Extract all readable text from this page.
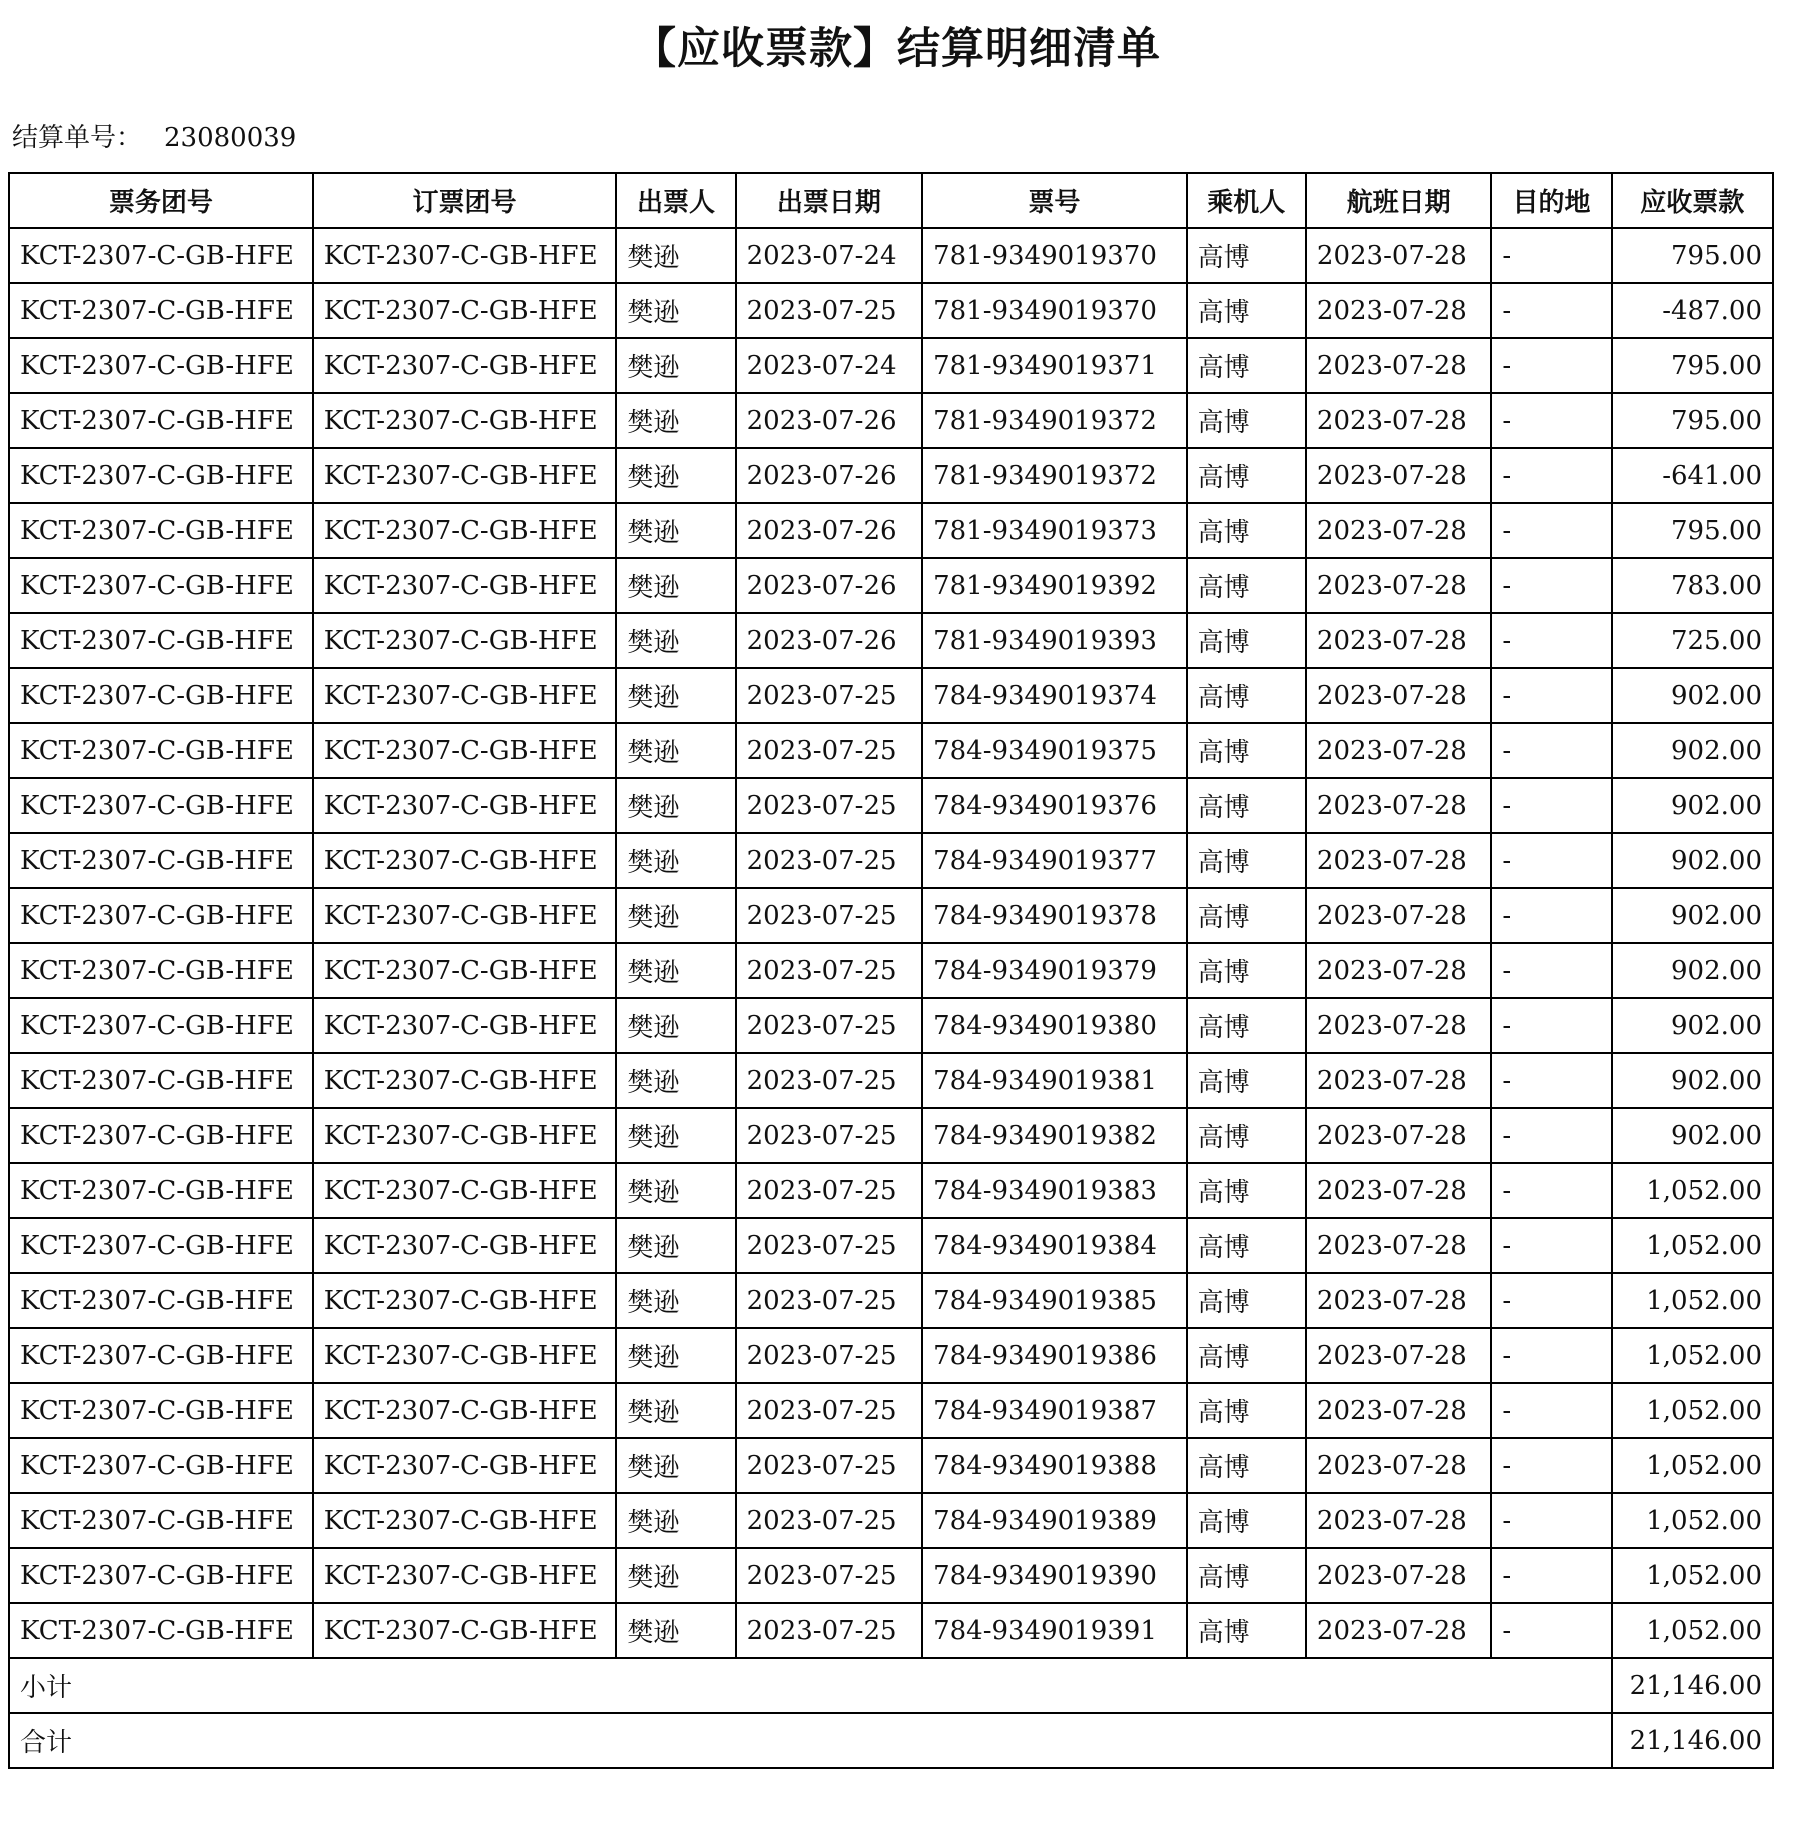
【应收票款】结算明细清单
结算单号： 23080039
票务团号	订票团号	出票人	出票日期	票号	乘机人	航班日期	目的地	应收票款
KCT-2307-C-GB-HFE	KCT-2307-C-GB-HFE	樊逊	2023-07-24	781-9349019370	高博	2023-07-28	-	795.00
KCT-2307-C-GB-HFE	KCT-2307-C-GB-HFE	樊逊	2023-07-25	781-9349019370	高博	2023-07-28	-	-487.00
KCT-2307-C-GB-HFE	KCT-2307-C-GB-HFE	樊逊	2023-07-24	781-9349019371	高博	2023-07-28	-	795.00
KCT-2307-C-GB-HFE	KCT-2307-C-GB-HFE	樊逊	2023-07-26	781-9349019372	高博	2023-07-28	-	795.00
KCT-2307-C-GB-HFE	KCT-2307-C-GB-HFE	樊逊	2023-07-26	781-9349019372	高博	2023-07-28	-	-641.00
KCT-2307-C-GB-HFE	KCT-2307-C-GB-HFE	樊逊	2023-07-26	781-9349019373	高博	2023-07-28	-	795.00
KCT-2307-C-GB-HFE	KCT-2307-C-GB-HFE	樊逊	2023-07-26	781-9349019392	高博	2023-07-28	-	783.00
KCT-2307-C-GB-HFE	KCT-2307-C-GB-HFE	樊逊	2023-07-26	781-9349019393	高博	2023-07-28	-	725.00
KCT-2307-C-GB-HFE	KCT-2307-C-GB-HFE	樊逊	2023-07-25	784-9349019374	高博	2023-07-28	-	902.00
KCT-2307-C-GB-HFE	KCT-2307-C-GB-HFE	樊逊	2023-07-25	784-9349019375	高博	2023-07-28	-	902.00
KCT-2307-C-GB-HFE	KCT-2307-C-GB-HFE	樊逊	2023-07-25	784-9349019376	高博	2023-07-28	-	902.00
KCT-2307-C-GB-HFE	KCT-2307-C-GB-HFE	樊逊	2023-07-25	784-9349019377	高博	2023-07-28	-	902.00
KCT-2307-C-GB-HFE	KCT-2307-C-GB-HFE	樊逊	2023-07-25	784-9349019378	高博	2023-07-28	-	902.00
KCT-2307-C-GB-HFE	KCT-2307-C-GB-HFE	樊逊	2023-07-25	784-9349019379	高博	2023-07-28	-	902.00
KCT-2307-C-GB-HFE	KCT-2307-C-GB-HFE	樊逊	2023-07-25	784-9349019380	高博	2023-07-28	-	902.00
KCT-2307-C-GB-HFE	KCT-2307-C-GB-HFE	樊逊	2023-07-25	784-9349019381	高博	2023-07-28	-	902.00
KCT-2307-C-GB-HFE	KCT-2307-C-GB-HFE	樊逊	2023-07-25	784-9349019382	高博	2023-07-28	-	902.00
KCT-2307-C-GB-HFE	KCT-2307-C-GB-HFE	樊逊	2023-07-25	784-9349019383	高博	2023-07-28	-	1,052.00
KCT-2307-C-GB-HFE	KCT-2307-C-GB-HFE	樊逊	2023-07-25	784-9349019384	高博	2023-07-28	-	1,052.00
KCT-2307-C-GB-HFE	KCT-2307-C-GB-HFE	樊逊	2023-07-25	784-9349019385	高博	2023-07-28	-	1,052.00
KCT-2307-C-GB-HFE	KCT-2307-C-GB-HFE	樊逊	2023-07-25	784-9349019386	高博	2023-07-28	-	1,052.00
KCT-2307-C-GB-HFE	KCT-2307-C-GB-HFE	樊逊	2023-07-25	784-9349019387	高博	2023-07-28	-	1,052.00
KCT-2307-C-GB-HFE	KCT-2307-C-GB-HFE	樊逊	2023-07-25	784-9349019388	高博	2023-07-28	-	1,052.00
KCT-2307-C-GB-HFE	KCT-2307-C-GB-HFE	樊逊	2023-07-25	784-9349019389	高博	2023-07-28	-	1,052.00
KCT-2307-C-GB-HFE	KCT-2307-C-GB-HFE	樊逊	2023-07-25	784-9349019390	高博	2023-07-28	-	1,052.00
KCT-2307-C-GB-HFE	KCT-2307-C-GB-HFE	樊逊	2023-07-25	784-9349019391	高博	2023-07-28	-	1,052.00
小计								21,146.00
合计								21,146.00
